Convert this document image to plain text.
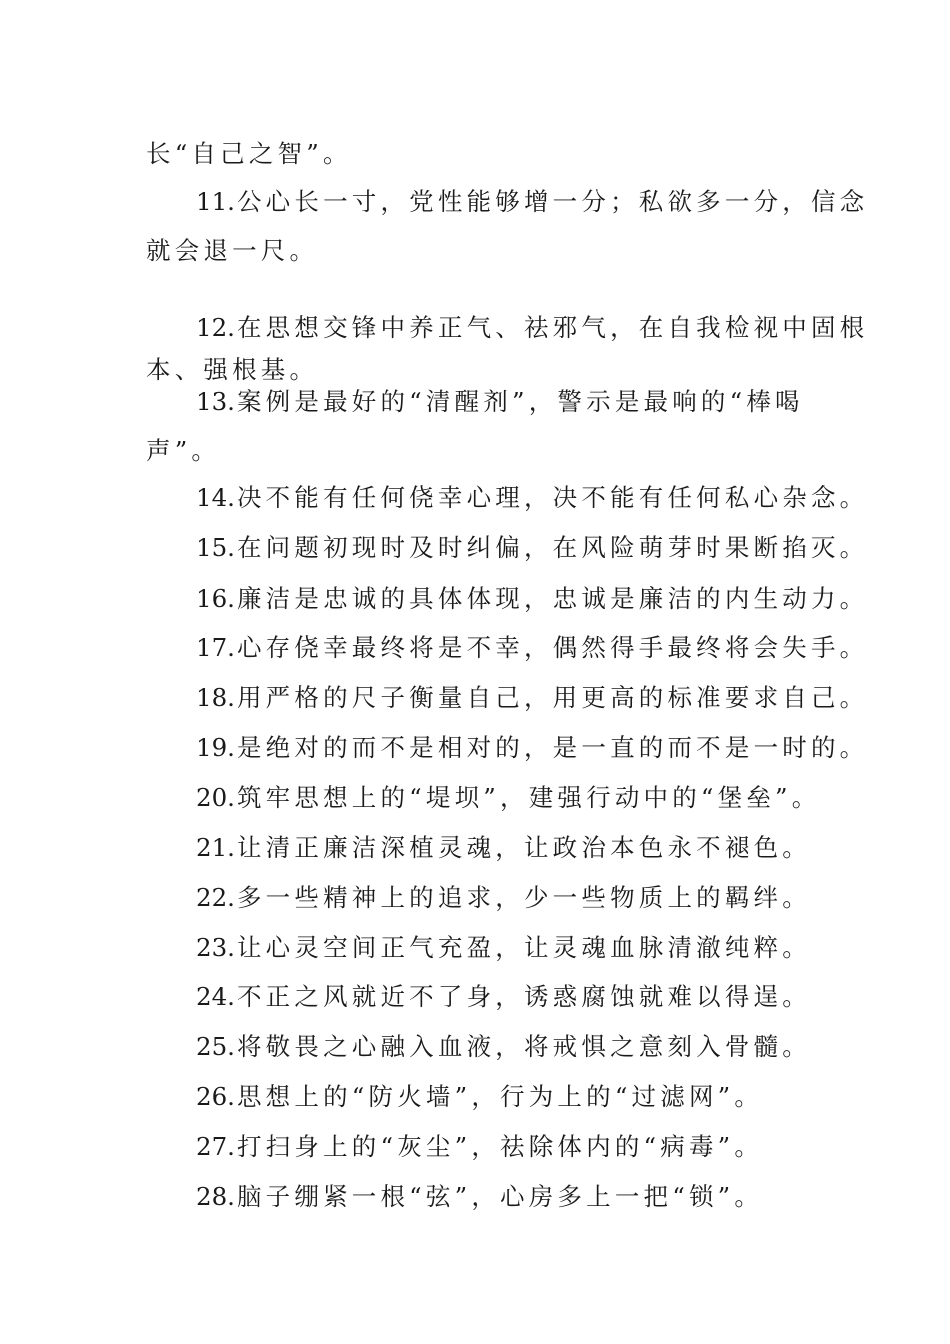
长“自己之智”。

11.公心长一寸，党性能够增一分；私欲多一分，信念

就会退一尺。

12.在思想交锋中养正气、祛邪气，在自我检视中固根

本、强根基。

13.案例是最好的“清醒剂”，警示是最响的“棒喝

声”。

14.决不能有任何侥幸心理，决不能有任何私心杂念。

15.在问题初现时及时纠偏，在风险萌芽时果断掐灭。

16.廉洁是忠诚的具体体现，忠诚是廉洁的内生动力。

17.心存侥幸最终将是不幸，偶然得手最终将会失手。

18.用严格的尺子衡量自己，用更高的标准要求自己。

19.是绝对的而不是相对的，是一直的而不是一时的。

20.筑牢思想上的“堤坝”，建强行动中的“堡垒”。

21.让清正廉洁深植灵魂，让政治本色永不褪色。

22.多一些精神上的追求，少一些物质上的羁绊。

23.让心灵空间正气充盈，让灵魂血脉清澈纯粹。

24.不正之风就近不了身，诱惑腐蚀就难以得逞。

25.将敬畏之心融入血液，将戒惧之意刻入骨髓。

26.思想上的“防火墙”，行为上的“过滤网”。

27.打扫身上的“灰尘”，祛除体内的“病毒”。

28.脑子绷紧一根“弦”，心房多上一把“锁”。
